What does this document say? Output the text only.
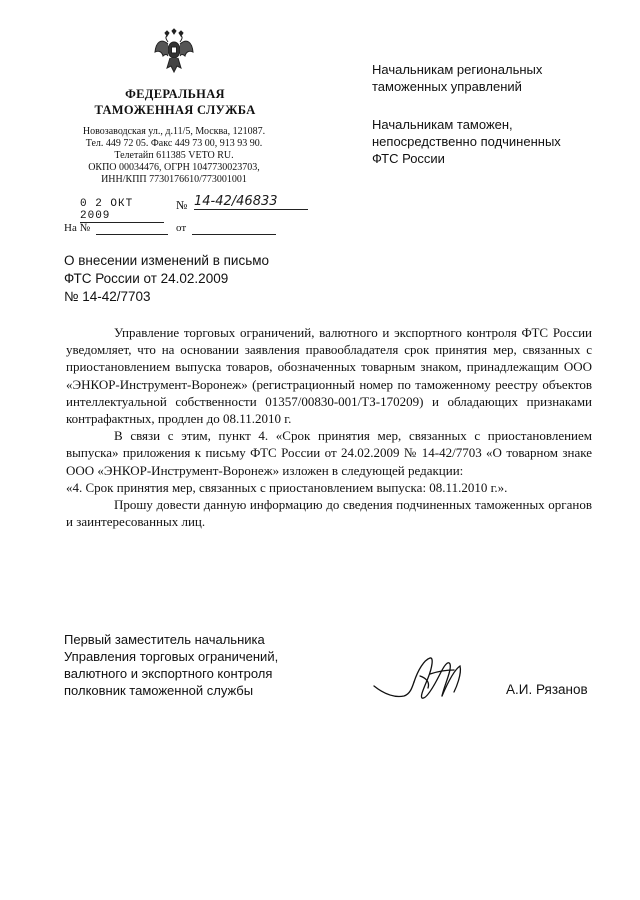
ФЕДЕРАЛЬНАЯ
ТАМОЖЕННАЯ СЛУЖБА
Новозаводская ул., д.11/5, Москва, 121087.
Тел. 449 72 05. Факс 449 73 00, 913 93 90.
Телетайп 611385 VETO RU.
ОКПО 00034476, ОГРН 1047730023703,
ИНН/КПП 7730176610/773001001
0 2 ОКТ 2009
№ 14-42/46833
На №	от
Начальникам региональных
таможенных управлений
Начальникам таможен,
непосредственно подчиненных
ФТС России
О внесении изменений в письмо
ФТС России от 24.02.2009
№ 14-42/7703

Управление торговых ограничений, валютного и экспортного контроля ФТС России уведомляет, что на основании заявления правообладателя срок принятия мер, связанных с приостановлением выпуска товаров, обозначенных товарным знаком, принадлежащим ООО «ЭНКОР-Инструмент-Воронеж» (регистрационный номер по таможенному реестру объектов интеллектуальной собственности 01357/00830-001/ТЗ-170209) и обладающих признаками контрафактных, продлен до 08.11.2010 г.

В связи с этим, пункт 4. «Срок принятия мер, связанных с приостановлением выпуска» приложения к письму ФТС России от 24.02.2009 № 14-42/7703 «О товарном знаке ООО «ЭНКОР-Инструмент-Воронеж» изложен в следующей редакции:

«4. Срок принятия мер, связанных с приостановлением выпуска: 08.11.2010 г.».

Прошу довести данную информацию до сведения подчиненных таможенных органов и заинтересованных лиц.

Первый заместитель начальника
Управления торговых ограничений,
валютного и экспортного контроля
полковник таможенной службы	А.И. Рязанов
